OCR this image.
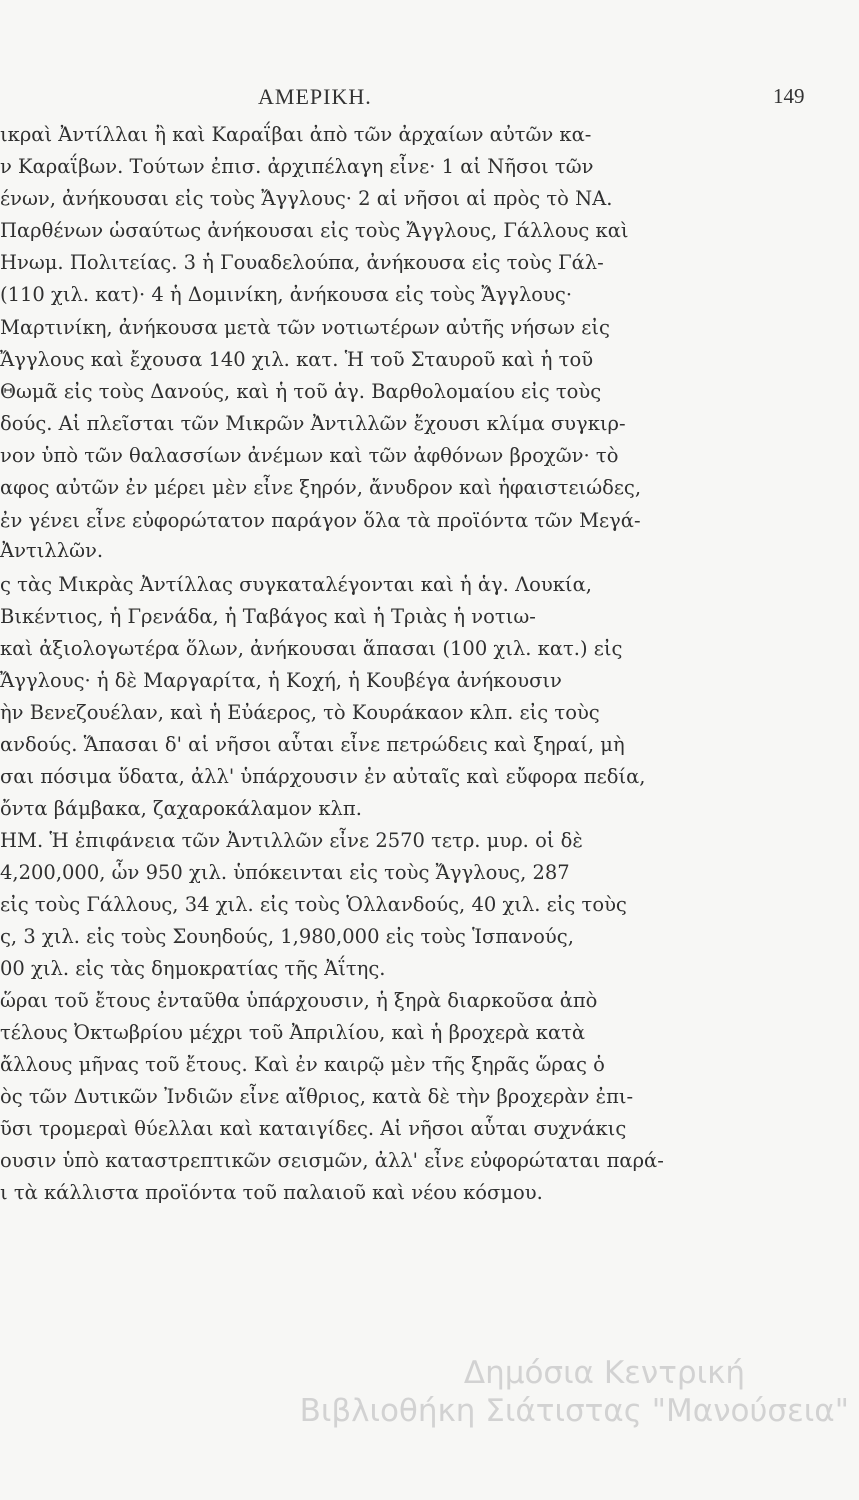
ΑΜΕΡΙΚΗ.	149
ικραὶ Ἀντίλλαι ἢ καὶ Καραΐβαι ἀπὸ τῶν ἀρχαίων αὐτῶν κα-
ν Καραΐβων. Τούτων ἐπισ. ἀρχιπέλαγη εἶνε· 1 αἱ Νῆσοι τῶν
ένων, ἀνήκουσαι εἰς τοὺς Ἄγγλους· 2 αἱ νῆσοι αἱ πρὸς τὸ ΝΑ.
Παρθένων ὡσαύτως ἀνήκουσαι εἰς τοὺς Ἄγγλους, Γάλλους καὶ
Ηνωμ. Πολιτείας. 3 ἡ Γουαδελούπα, ἀνήκουσα εἰς τοὺς Γάλ-
(110 χιλ. κατ)· 4 ἡ Δομινίκη, ἀνήκουσα εἰς τοὺς Ἄγγλους·
Μαρτινίκη, ἀνήκουσα μετὰ τῶν νοτιωτέρων αὐτῆς νήσων εἰς
Ἄγγλους καὶ ἔχουσα 140 χιλ. κατ. Ἡ τοῦ Σταυροῦ καὶ ἡ τοῦ
Θωμᾶ εἰς τοὺς Δανούς, καὶ ἡ τοῦ ἁγ. Βαρθολομαίου εἰς τοὺς
δούς. Αἱ πλεῖσται τῶν Μικρῶν Ἀντιλλῶν ἔχουσι κλίμα συγκιρ-
νον ὑπὸ τῶν θαλασσίων ἀνέμων καὶ τῶν ἀφθόνων βροχῶν· τὸ
αφος αὐτῶν ἐν μέρει μὲν εἶνε ξηρόν, ἄνυδρον καὶ ἡφαιστειώδες,
ἐν γένει εἶνε εὐφορώτατον παράγον ὅλα τὰ προϊόντα τῶν Μεγά-
Ἀντιλλῶν.
ς τὰς Μικρὰς Ἀντίλλας συγκαταλέγονται καὶ ἡ ἁγ. Λουκία,
Βικέντιος, ἡ Γρενάδα, ἡ Ταβάγος καὶ ἡ Τριὰς ἡ νοτιω-
καὶ ἀξιολογωτέρα ὅλων, ἀνήκουσαι ἅπασαι (100 χιλ. κατ.) εἰς
Ἄγγλους· ἡ δὲ Μαργαρίτα, ἡ Κοχή, ἡ Κουβέγα ἀνήκουσιν
ὴν Βενεζουέλαν, καὶ ἡ Εὐάερος, τὸ Κουράκαον κλπ. εἰς τοὺς
ανδούς. Ἅπασαι δ' αἱ νῆσοι αὗται εἶνε πετρώδεις καὶ ξηραί, μὴ
σαι πόσιμα ὕδατα, ἀλλ' ὑπάρχουσιν ἐν αὐταῖς καὶ εὔφορα πεδία,
ὄντα βάμβακα, ζαχαροκάλαμον κλπ.
ΗΜ. Ἡ ἐπιφάνεια τῶν Ἀντιλλῶν εἶνε 2570 τετρ. μυρ. οἱ δὲ
4,200,000, ὧν 950 χιλ. ὑπόκεινται εἰς τοὺς Ἄγγλους, 287
εἰς τοὺς Γάλλους, 34 χιλ. εἰς τοὺς Ὁλλανδούς, 40 χιλ. εἰς τοὺς
ς, 3 χιλ. εἰς τοὺς Σουηδούς, 1,980,000 εἰς τοὺς Ἱσπανούς,
00 χιλ. εἰς τὰς δημοκρατίας τῆς Ἀΐτης.
ὥραι τοῦ ἔτους ἐνταῦθα ὑπάρχουσιν, ἡ ξηρὰ διαρκοῦσα ἀπὸ
τέλους Ὀκτωβρίου μέχρι τοῦ Ἀπριλίου, καὶ ἡ βροχερὰ κατὰ
ἄλλους μῆνας τοῦ ἔτους. Καὶ ἐν καιρῷ μὲν τῆς ξηρᾶς ὥρας ὁ
ὸς τῶν Δυτικῶν Ἰνδιῶν εἶνε αἴθριος, κατὰ δὲ τὴν βροχερὰν ἐπι-
ῦσι τρομεραὶ θύελλαι καὶ καταιγίδες. Αἱ νῆσοι αὗται συχνάκις
ουσιν ὑπὸ καταστρεπτικῶν σεισμῶν, ἀλλ' εἶνε εὐφορώταται παρά-
ι τὰ κάλλιστα προϊόντα τοῦ παλαιοῦ καὶ νέου κόσμου.
Δημόσια Κεντρική
Βιβλιοθήκη Σιάτιστας "Μανούσεια"
